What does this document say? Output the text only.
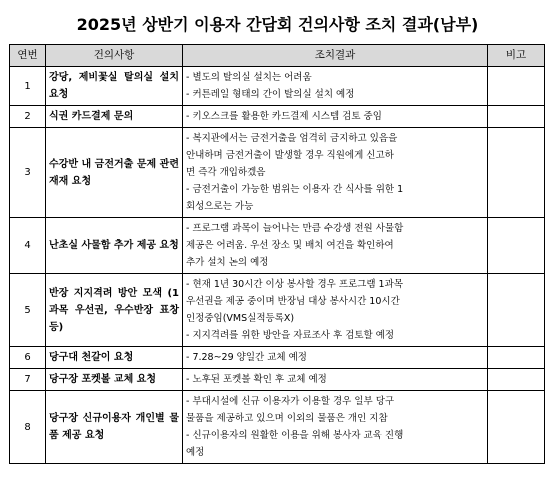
2025년 상반기 이용자 간담회 건의사항 조치 결과(남부)
연번	건의사항	조치결과	비고
1	강당, 제비꽃실 탈의실 설치 요청	- 별도의 탈의실 설치는 어려움
- 커튼레일 형태의 간이 탈의실 설치 예정	

2	식권 카드결제 문의	- 키오스크를 활용한 카드결제 시스템 검토 중임	

3	수강반 내 금전거출 문제 관련 재재 요청	- 복지관에서는 금전거출을 엄격히 금지하고 있음을
안내하며 금전거출이 발생할 경우 직원에게 신고하
면 즉각 개입하겠음
- 금전거출이 가능한 범위는 이용자 간 식사를 위한 1
회성으로는 가능	

4	난초실 사물함 추가 제공 요청	- 프로그램 과목이 늘어나는 만큼 수강생 전원 사물함
제공은 어려움. 우선 장소 및 배치 여건을 확인하여
추가 설치 논의 예정	

5	반장 지지격려 방안 모색 (1과목 우선권, 우수반장 표창 등)	- 현재 1년 30시간 이상 봉사할 경우 프로그램 1과목
우선권을 제공 중이며 반장님 대상 봉사시간 10시간
인정중임(VMS실적등록X)
- 지지격려를 위한 방안을 자료조사 후 검토할 예정	

6	당구대 천갈이 요청	- 7.28~29 양일간 교체 예정	

7	당구장 포켓볼 교체 요청	- 노후된 포켓볼 확인 후 교체 예정	

8	당구장 신규이용자 개인별 물품 제공 요청	- 부대시설에 신규 이용자가 이용할 경우 일부 당구
물품을 제공하고 있으며 이외의 물품은 개인 지참
- 신규이용자의 원활한 이용을 위해 봉사자 교육 진행
예정	
